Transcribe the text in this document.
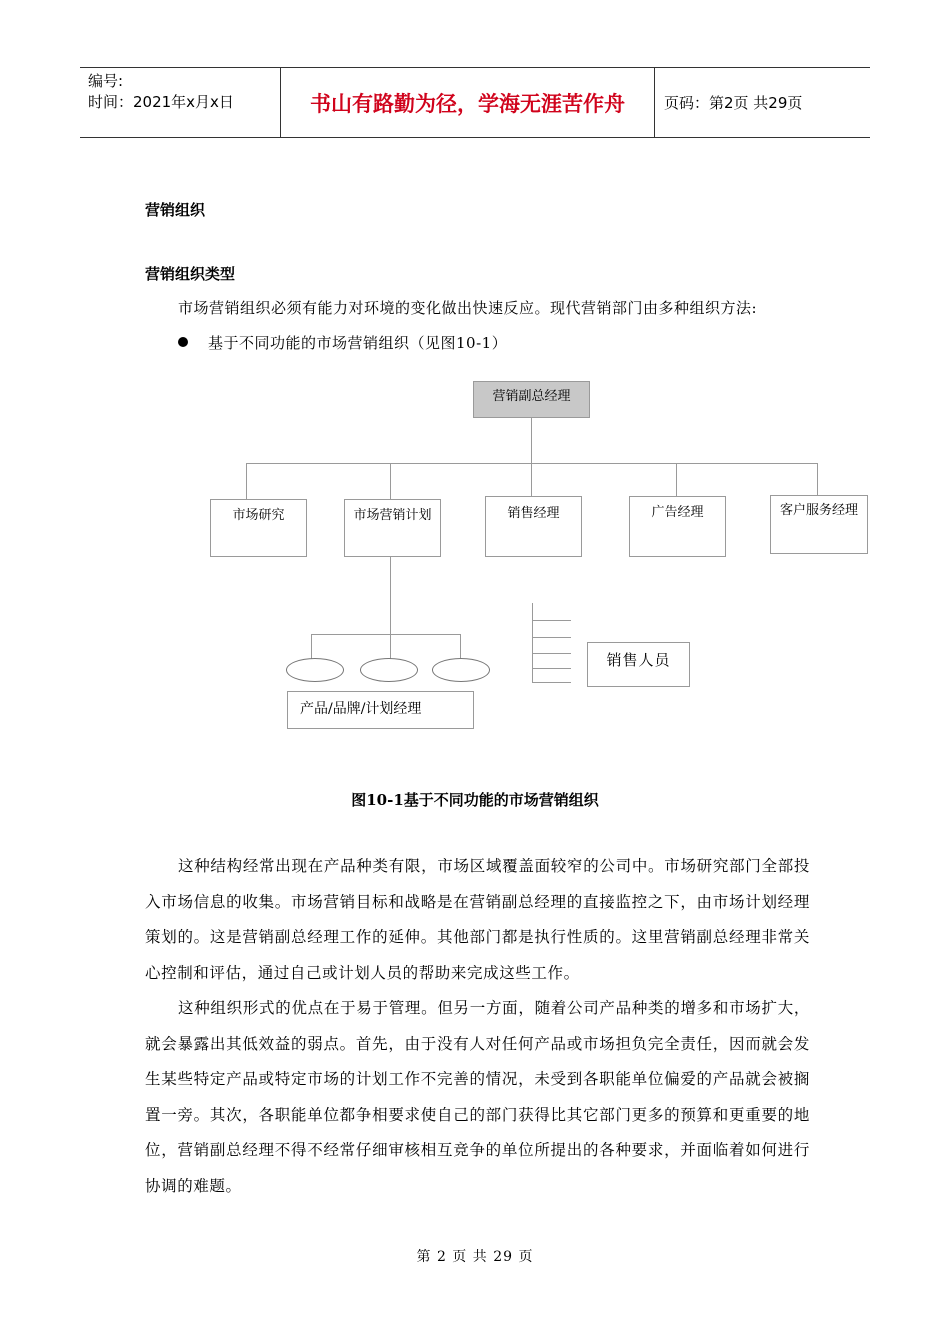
编号:
时间：2021年x月x日	书山有路勤为径，学海无涯苦作舟	页码：第2页 共29页
营销组织
营销组织类型
市场营销组织必须有能力对环境的变化做出快速反应。现代营销部门由多种组织方法:
基于不同功能的市场营销组织（见图10-1）
营销副总经理
市场研究	市场营销计划	销售经理	广告经理	客户服务经理
产品/品牌/计划经理
销售人员
图10-1基于不同功能的市场营销组织
这种结构经常出现在产品种类有限，市场区域覆盖面较窄的公司中。市场研究部门全部投入市场信息的收集。市场营销目标和战略是在营销副总经理的直接监控之下，由市场计划经理策划的。这是营销副总经理工作的延伸。其他部门都是执行性质的。这里营销副总经理非常关心控制和评估，通过自己或计划人员的帮助来完成这些工作。
这种组织形式的优点在于易于管理。但另一方面，随着公司产品种类的增多和市场扩大，就会暴露出其低效益的弱点。首先，由于没有人对任何产品或市场担负完全责任，因而就会发生某些特定产品或特定市场的计划工作不完善的情况，未受到各职能单位偏爱的产品就会被搁置一旁。其次，各职能单位都争相要求使自己的部门获得比其它部门更多的预算和更重要的地位，营销副总经理不得不经常仔细审核相互竞争的单位所提出的各种要求，并面临着如何进行协调的难题。
第 2 页 共 29 页
